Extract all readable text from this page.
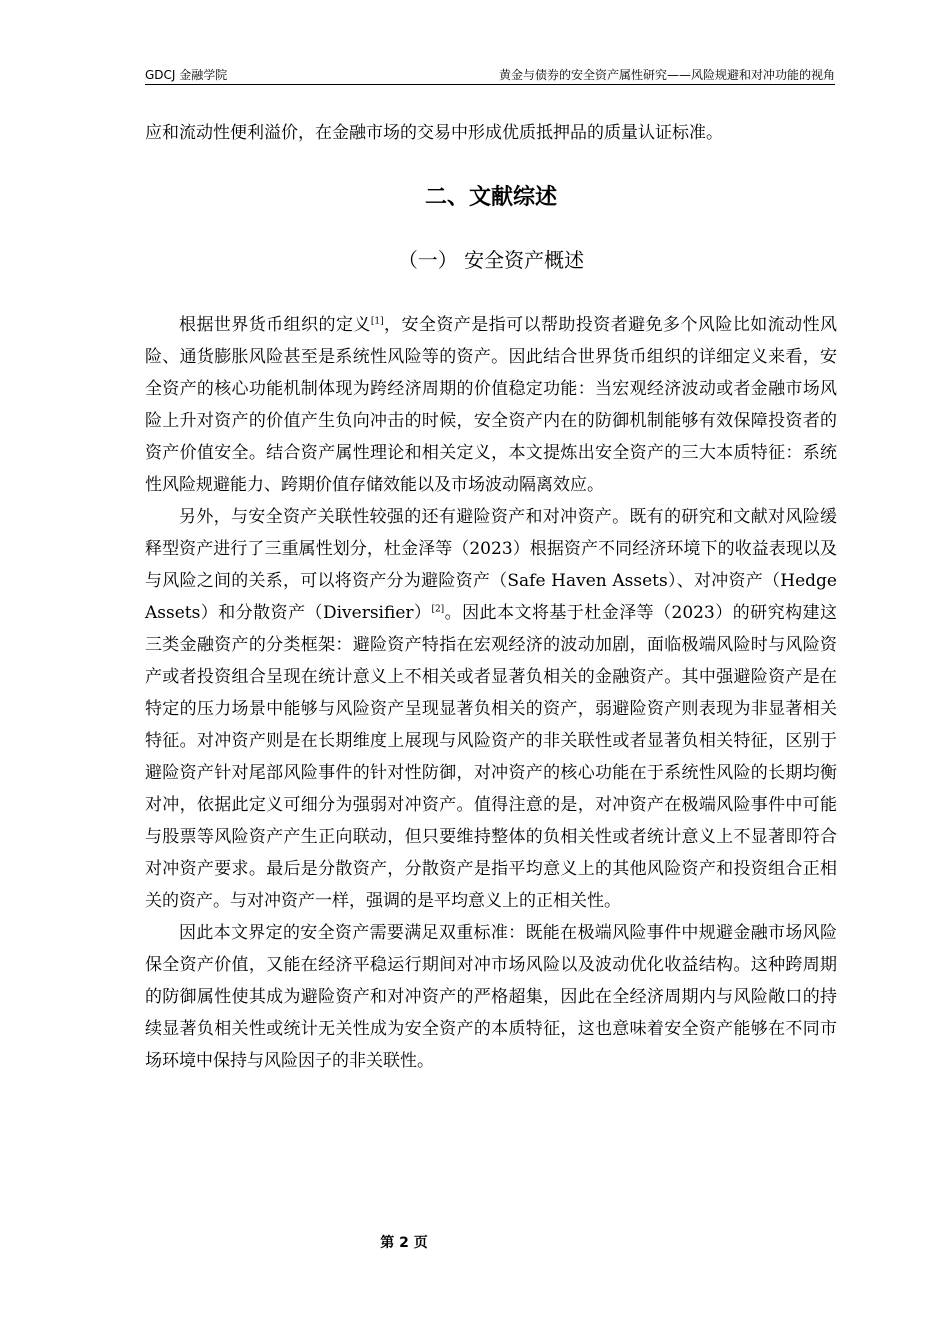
GDCJ 金融学院	黄金与债券的安全资产属性研究——风险规避和对冲功能的视角

应和流动性便利溢价，在金融市场的交易中形成优质抵押品的质量认证标准。

二、文献综述
（一） 安全资产概述

根据世界货币组织的定义[1]，安全资产是指可以帮助投资者避免多个风险比如流动性风险、通货膨胀风险甚至是系统性风险等的资产。因此结合世界货币组织的详细定义来看，安全资产的核心功能机制体现为跨经济周期的价值稳定功能：当宏观经济波动或者金融市场风险上升对资产的价值产生负向冲击的时候，安全资产内在的防御机制能够有效保障投资者的资产价值安全。结合资产属性理论和相关定义，本文提炼出安全资产的三大本质特征：系统性风险规避能力、跨期价值存储效能以及市场波动隔离效应。

另外，与安全资产关联性较强的还有避险资产和对冲资产。既有的研究和文献对风险缓释型资产进行了三重属性划分，杜金泽等（2023）根据资产不同经济环境下的收益表现以及与风险之间的关系，可以将资产分为避险资产（Safe Haven Assets）、对冲资产（Hedge Assets）和分散资产（Diversifier）[2]。因此本文将基于杜金泽等（2023）的研究构建这三类金融资产的分类框架：避险资产特指在宏观经济的波动加剧，面临极端风险时与风险资产或者投资组合呈现在统计意义上不相关或者显著负相关的金融资产。其中强避险资产是在特定的压力场景中能够与风险资产呈现显著负相关的资产，弱避险资产则表现为非显著相关特征。对冲资产则是在长期维度上展现与风险资产的非关联性或者显著负相关特征，区别于避险资产针对尾部风险事件的针对性防御，对冲资产的核心功能在于系统性风险的长期均衡对冲，依据此定义可细分为强弱对冲资产。值得注意的是，对冲资产在极端风险事件中可能与股票等风险资产产生正向联动，但只要维持整体的负相关性或者统计意义上不显著即符合对冲资产要求。最后是分散资产，分散资产是指平均意义上的其他风险资产和投资组合正相关的资产。与对冲资产一样，强调的是平均意义上的正相关性。

因此本文界定的安全资产需要满足双重标准：既能在极端风险事件中规避金融市场风险保全资产价值，又能在经济平稳运行期间对冲市场风险以及波动优化收益结构。这种跨周期的防御属性使其成为避险资产和对冲资产的严格超集，因此在全经济周期内与风险敞口的持续显著负相关性或统计无关性成为安全资产的本质特征，这也意味着安全资产能够在不同市场环境中保持与风险因子的非关联性。

第 2 页
